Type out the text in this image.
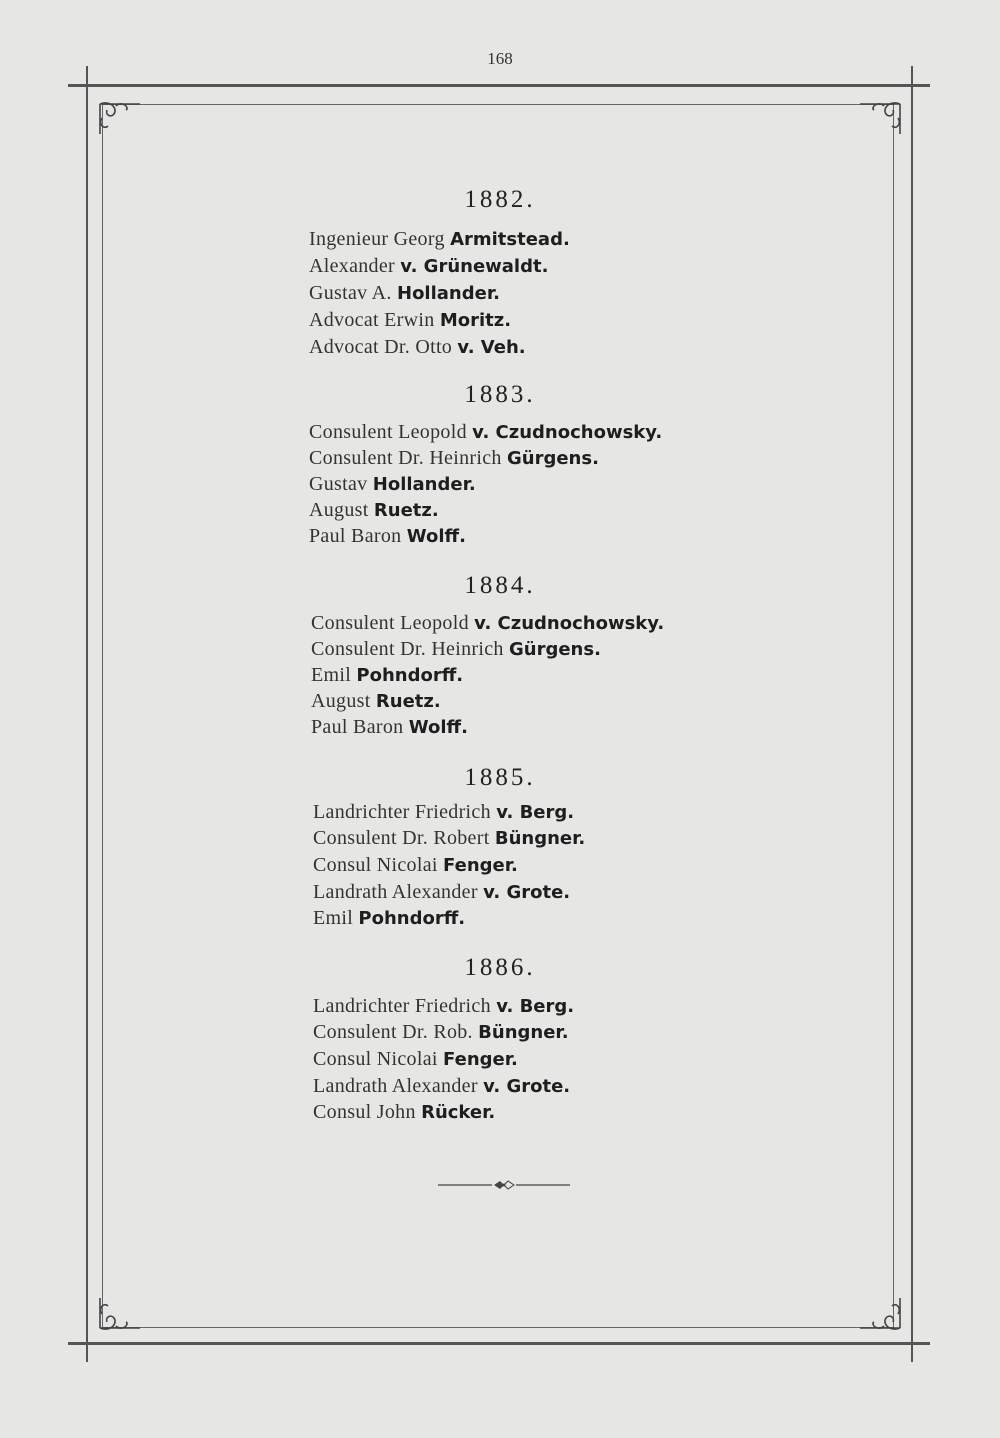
168
1882.
Ingenieur Georg Armitstead.
Alexander v. Grünewaldt.
Gustav A. Hollander.
Advocat Erwin Moritz.
Advocat Dr. Otto v. Veh.
1883.
Consulent Leopold v. Czudnochowsky.
Consulent Dr. Heinrich Gürgens.
Gustav Hollander.
August Ruetz.
Paul Baron Wolff.
1884.
Consulent Leopold v. Czudnochowsky.
Consulent Dr. Heinrich Gürgens.
Emil Pohndorff.
August Ruetz.
Paul Baron Wolff.
1885.
Landrichter Friedrich v. Berg.
Consulent Dr. Robert Büngner.
Consul Nicolai Fenger.
Landrath Alexander v. Grote.
Emil Pohndorff.
1886.
Landrichter Friedrich v. Berg.
Consulent Dr. Rob. Büngner.
Consul Nicolai Fenger.
Landrath Alexander v. Grote.
Consul John Rücker.
